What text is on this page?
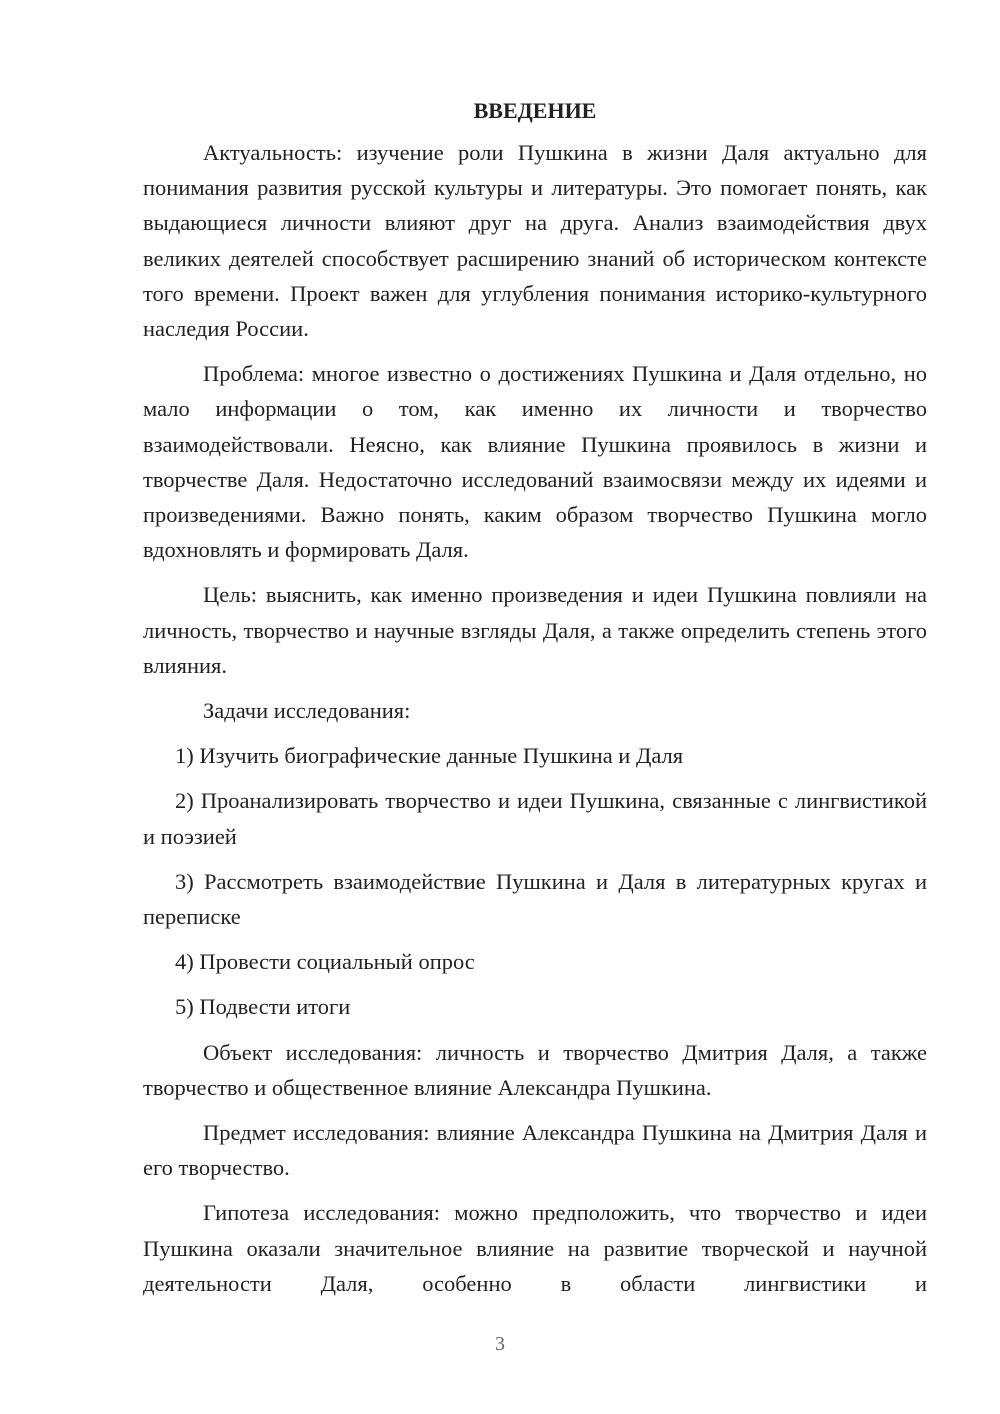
ВВЕДЕНИЕ

Актуальность: изучение роли Пушкина в жизни Даля актуально для понимания развития русской культуры и литературы. Это помогает понять, как выдающиеся личности влияют друг на друга. Анализ взаимодействия двух великих деятелей способствует расширению знаний об историческом контексте того времени. Проект важен для углубления понимания историко-культурного наследия России.

Проблема: многое известно о достижениях Пушкина и Даля отдельно, но мало информации о том, как именно их личности и творчество взаимодействовали. Неясно, как влияние Пушкина проявилось в жизни и творчестве Даля. Недостаточно исследований взаимосвязи между их идеями и произведениями. Важно понять, каким образом творчество Пушкина могло вдохновлять и формировать Даля.

Цель: выяснить, как именно произведения и идеи Пушкина повлияли на личность, творчество и научные взгляды Даля, а также определить степень этого влияния.

Задачи исследования:

1) Изучить биографические данные Пушкина и Даля

2) Проанализировать творчество и идеи Пушкина, связанные с лингвистикой и поэзией

3) Рассмотреть взаимодействие Пушкина и Даля в литературных кругах и переписке

4) Провести социальный опрос

5) Подвести итоги

Объект исследования: личность и творчество Дмитрия Даля, а также творчество и общественное влияние Александра Пушкина.

Предмет исследования: влияние Александра Пушкина на Дмитрия Даля и его творчество.

Гипотеза исследования: можно предположить, что творчество и идеи Пушкина оказали значительное влияние на развитие творческой и научной деятельности Даля, особенно в области лингвистики и

3
